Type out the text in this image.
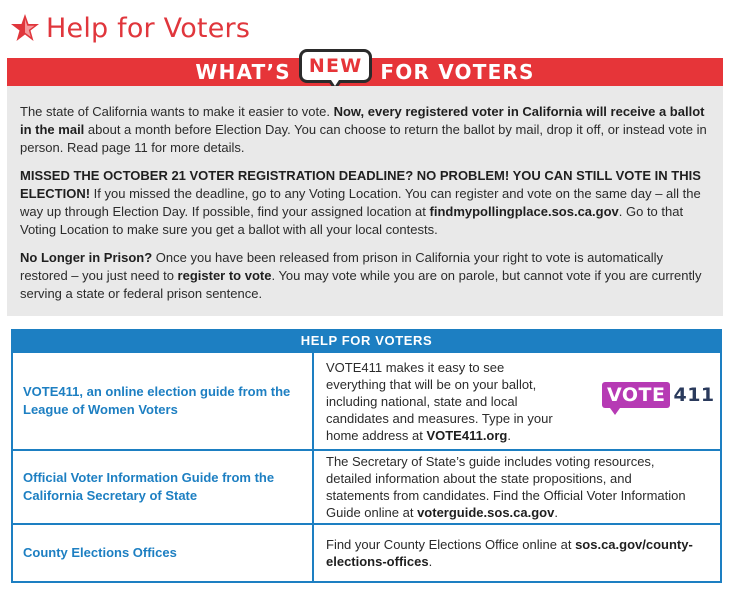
Help for Voters
WHAT’S NEW FOR VOTERS

The state of California wants to make it easier to vote. Now, every registered voter in California will receive a ballot in the mail about a month before Election Day. You can choose to return the ballot by mail, drop it off, or instead vote in person. Read page 11 for more details.

MISSED THE OCTOBER 21 VOTER REGISTRATION DEADLINE? NO PROBLEM! YOU CAN STILL VOTE IN THIS ELECTION! If you missed the deadline, go to any Voting Location. You can register and vote on the same day – all the way up through Election Day. If possible, find your assigned location at findmypollingplace.sos.ca.gov. Go to that Voting Location to make sure you get a ballot with all your local contests.

No Longer in Prison? Once you have been released from prison in California your right to vote is automatically restored – you just need to register to vote. You may vote while you are on parole, but cannot vote if you are currently serving a state or federal prison sentence.

HELP FOR VOTERS
VOTE411, an online election guide from the League of Women Voters
VOTE411 makes it easy to see everything that will be on your ballot, including national, state and local candidates and measures. Type in your home address at VOTE411.org.
VOTE 411
Official Voter Information Guide from the California Secretary of State
The Secretary of State’s guide includes voting resources, detailed information about the state propositions, and statements from candidates. Find the Official Voter Information Guide online at voterguide.sos.ca.gov.
County Elections Offices
Find your County Elections Office online at sos.ca.gov/county-elections-offices.
